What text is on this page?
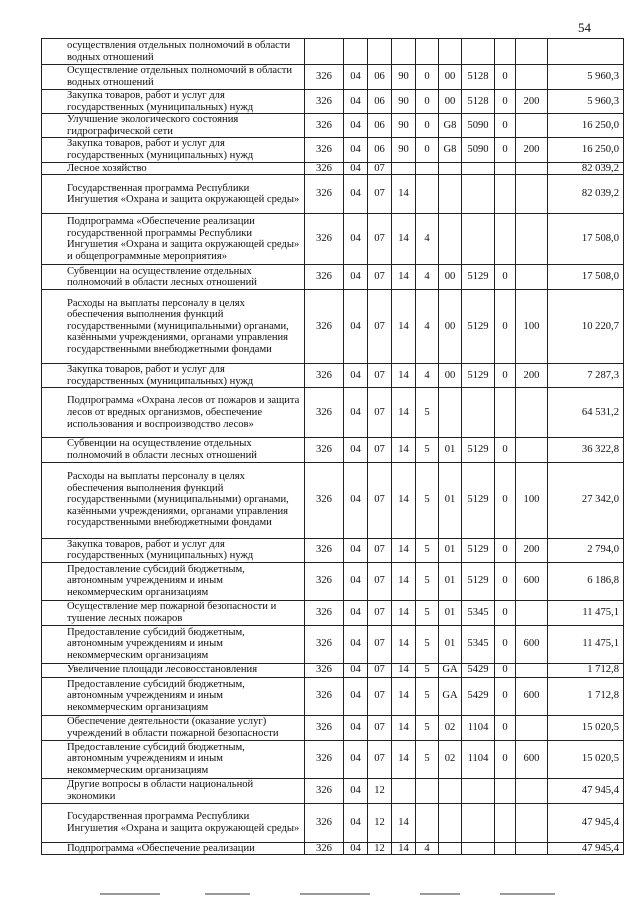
54
осуществления отдельных полномочий в области водных отношений										
Осуществление отдельных полномочий в области водных отношений	326	04	06	90	0	00	5128	0		5 960,3
Закупка товаров, работ и услуг для государственных (муниципальных) нужд	326	04	06	90	0	00	5128	0	200	5 960,3
Улучшение экологического состояния гидрографической сети	326	04	06	90	0	G8	5090	0		16 250,0
Закупка товаров, работ и услуг для государственных (муниципальных) нужд	326	04	06	90	0	G8	5090	0	200	16 250,0
Лесное хозяйство	326	04	07							82 039,2
Государственная программа Республики Ингушетия «Охрана и защита окружающей среды»	326	04	07	14						82 039,2
Подпрограмма «Обеспечение реализации государственной программы Республики Ингушетия «Охрана и защита окружающей среды» и общепрограммные мероприятия»	326	04	07	14	4					17 508,0
Субвенции на осуществление отдельных полномочий в области лесных отношений	326	04	07	14	4	00	5129	0		17 508,0
Расходы на выплаты персоналу в целях обеспечения выполнения функций государственными (муниципальными) органами, казёнными учреждениями, органами управления государственными внебюджетными фондами	326	04	07	14	4	00	5129	0	100	10 220,7
Закупка товаров, работ и услуг для государственных (муниципальных) нужд	326	04	07	14	4	00	5129	0	200	7 287,3
Подпрограмма «Охрана лесов от пожаров и защита лесов от вредных организмов, обеспечение использования и воспроизводство лесов»	326	04	07	14	5					64 531,2
Субвенции на осуществление отдельных полномочий в области лесных отношений	326	04	07	14	5	01	5129	0		36 322,8
Расходы на выплаты персоналу в целях обеспечения выполнения функций государственными (муниципальными) органами, казёнными учреждениями, органами управления государственными внебюджетными фондами	326	04	07	14	5	01	5129	0	100	27 342,0
Закупка товаров, работ и услуг для государственных (муниципальных) нужд	326	04	07	14	5	01	5129	0	200	2 794,0
Предоставление субсидий бюджетным, автономным учреждениям и иным некоммерческим организациям	326	04	07	14	5	01	5129	0	600	6 186,8
Осуществление мер пожарной безопасности и тушение лесных пожаров	326	04	07	14	5	01	5345	0		11 475,1
Предоставление субсидий бюджетным, автономным учреждениям и иным некоммерческим организациям	326	04	07	14	5	01	5345	0	600	11 475,1
Увеличение площади лесовосстановления	326	04	07	14	5	GA	5429	0		1 712,8
Предоставление субсидий бюджетным, автономным учреждениям и иным некоммерческим организациям	326	04	07	14	5	GA	5429	0	600	1 712,8
Обеспечение деятельности (оказание услуг) учреждений в области пожарной безопасности	326	04	07	14	5	02	1104	0		15 020,5
Предоставление субсидий бюджетным, автономным учреждениям и иным некоммерческим организациям	326	04	07	14	5	02	1104	0	600	15 020,5
Другие вопросы в области национальной экономики	326	04	12							47 945,4
Государственная программа Республики Ингушетия «Охрана и защита окружающей среды»	326	04	12	14						47 945,4
Подпрограмма «Обеспечение реализации	326	04	12	14	4					47 945,4
